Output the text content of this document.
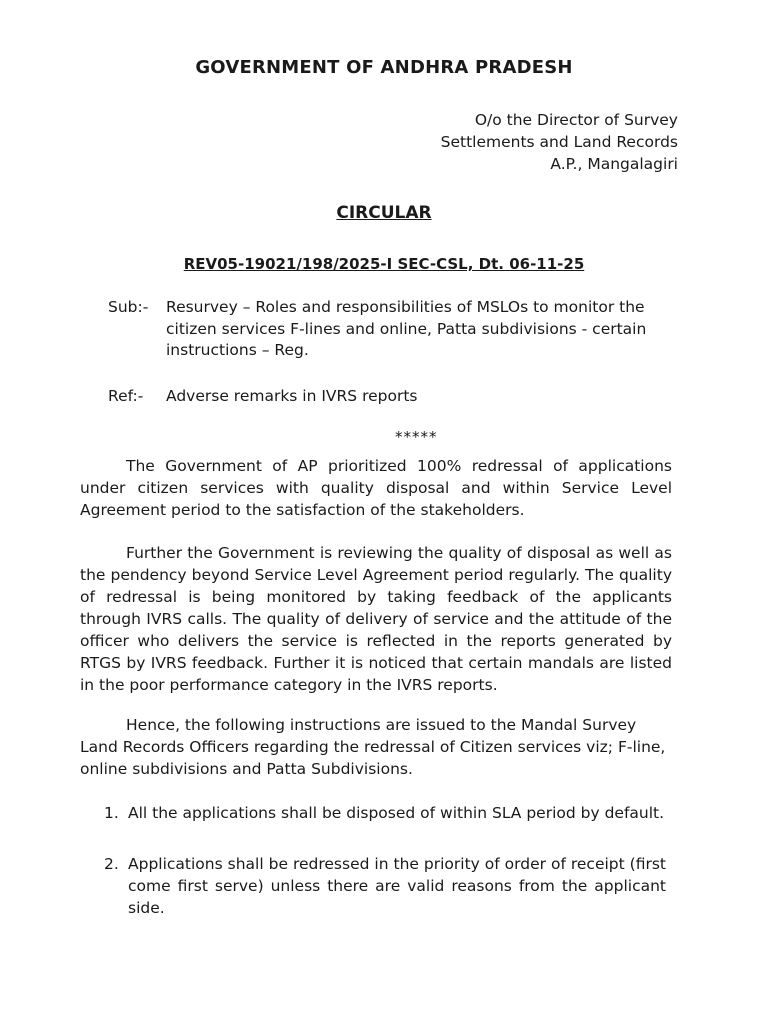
GOVERNMENT OF ANDHRA PRADESH
O/o the Director of Survey
Settlements and Land Records
A.P., Mangalagiri
CIRCULAR
REV05-19021/198/2025-I SEC-CSL, Dt. 06-11-25
Sub:-	Resurvey – Roles and responsibilities of MSLOs to monitor the citizen services F-lines and online, Patta subdivisions - certain instructions – Reg.
Ref:-	Adverse remarks in IVRS reports
*****

The Government of AP prioritized 100% redressal of applications under citizen services with quality disposal and within Service Level Agreement period to the satisfaction of the stakeholders.

Further the Government is reviewing the quality of disposal as well as the pendency beyond Service Level Agreement period regularly. The quality of redressal is being monitored by taking feedback of the applicants through IVRS calls. The quality of delivery of service and the attitude of the officer who delivers the service is reflected in the reports generated by RTGS by IVRS feedback. Further it is noticed that certain mandals are listed in the poor performance category in the IVRS reports.

Hence, the following instructions are issued to the Mandal Survey Land Records Officers regarding the redressal of Citizen services viz; F-line, online subdivisions and Patta Subdivisions.

1. All the applications shall be disposed of within SLA period by default.
2. Applications shall be redressed in the priority of order of receipt (first come first serve) unless there are valid reasons from the applicant side.
